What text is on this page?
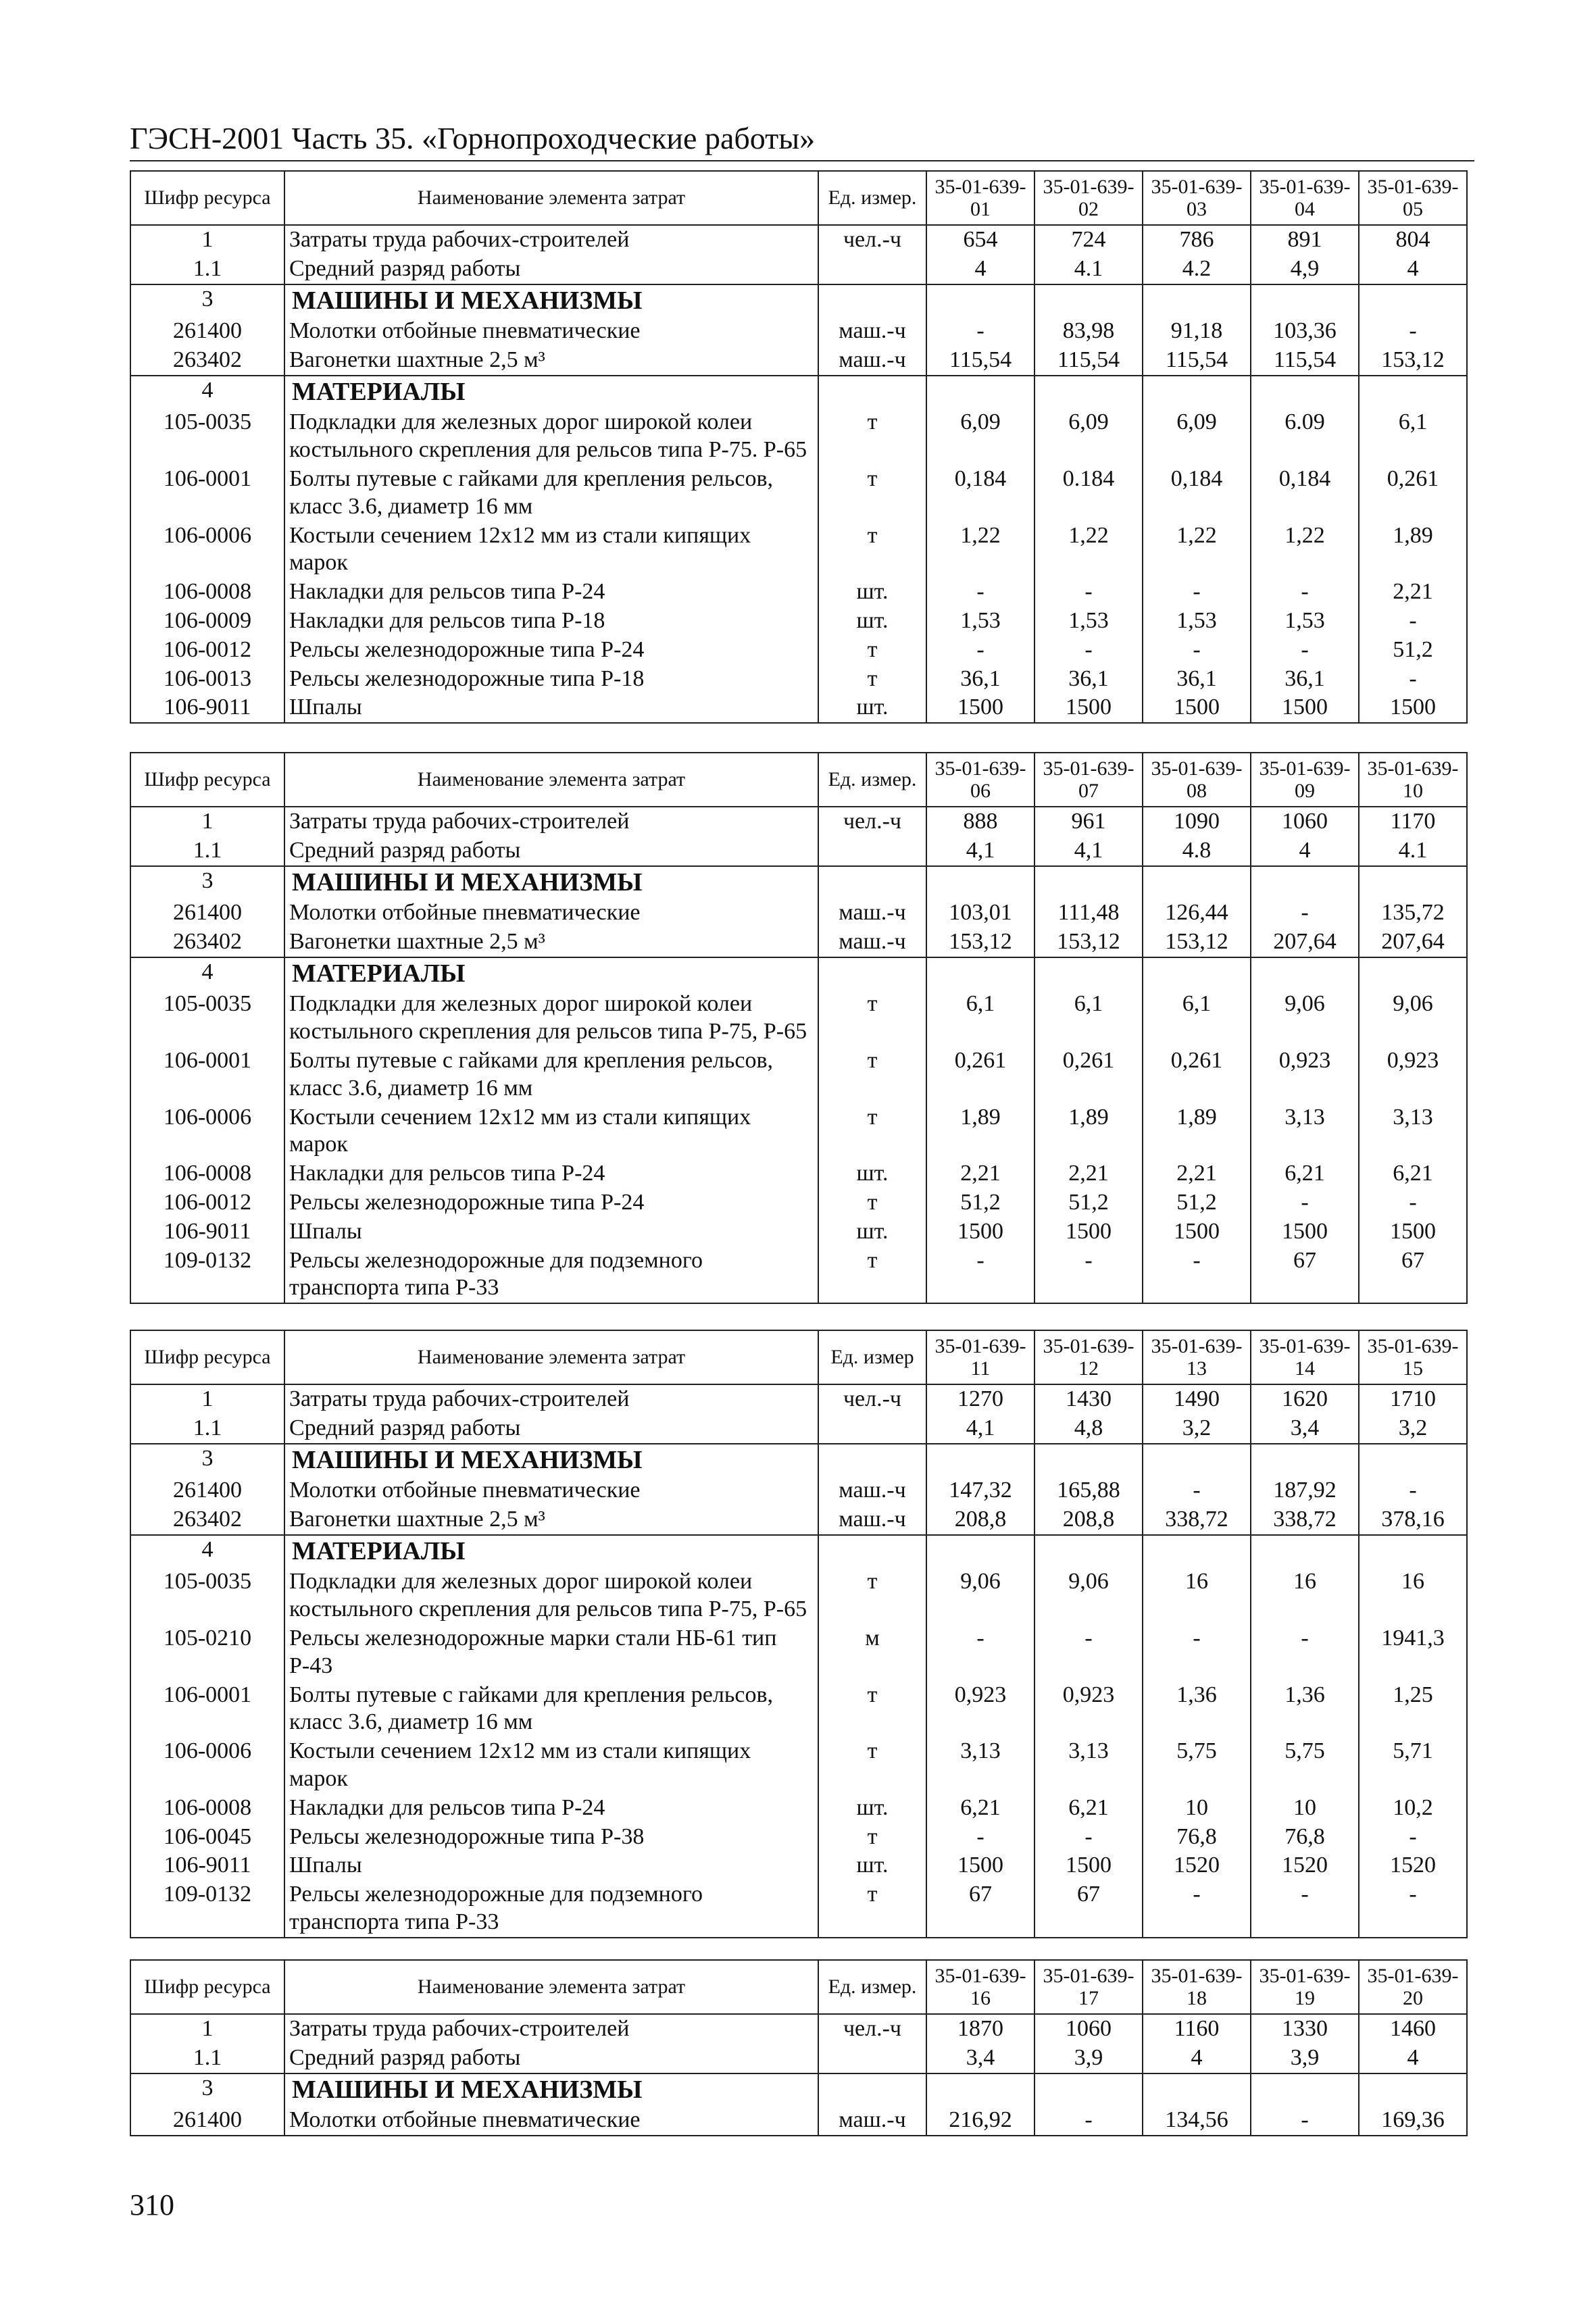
ГЭСН-2001 Часть 35. «Горнопроходческие работы»
Шифр ресурса	Наименование элемента затрат	Ед. измер.	35-01-639-01	35-01-639-02	35-01-639-03	35-01-639-04	35-01-639-05
1	Затраты труда рабочих-строителей	чел.-ч	654	724	786	891	804
1.1	Средний разряд работы		4	4.1	4.2	4,9	4
3	МАШИНЫ И МЕХАНИЗМЫ						
261400	Молотки отбойные пневматические	маш.-ч	-	83,98	91,18	103,36	-
263402	Вагонетки шахтные 2,5 м³	маш.-ч	115,54	115,54	115,54	115,54	153,12
4	МАТЕРИАЛЫ						
105-0035	Подкладки для железных дорог широкой колеи костыльного скрепления для рельсов типа Р-75. Р-65	т	6,09	6,09	6,09	6.09	6,1
106-0001	Болты путевые с гайками для крепления рельсов, класс 3.6, диаметр 16 мм	т	0,184	0.184	0,184	0,184	0,261
106-0006	Костыли сечением 12х12 мм из стали кипящих марок	т	1,22	1,22	1,22	1,22	1,89
106-0008	Накладки для рельсов типа Р-24	шт.	-	-	-	-	2,21
106-0009	Накладки для рельсов типа Р-18	шт.	1,53	1,53	1,53	1,53	-
106-0012	Рельсы железнодорожные типа Р-24	т	-	-	-	-	51,2
106-0013	Рельсы железнодорожные типа Р-18	т	36,1	36,1	36,1	36,1	-
106-9011	Шпалы	шт.	1500	1500	1500	1500	1500
Шифр ресурса	Наименование элемента затрат	Ед. измер.	35-01-639-06	35-01-639-07	35-01-639-08	35-01-639-09	35-01-639-10
1	Затраты труда рабочих-строителей	чел.-ч	888	961	1090	1060	1170
1.1	Средний разряд работы		4,1	4,1	4.8	4	4.1
3	МАШИНЫ И МЕХАНИЗМЫ						
261400	Молотки отбойные пневматические	маш.-ч	103,01	111,48	126,44	-	135,72
263402	Вагонетки шахтные 2,5 м³	маш.-ч	153,12	153,12	153,12	207,64	207,64
4	МАТЕРИАЛЫ						
105-0035	Подкладки для железных дорог широкой колеи костыльного скрепления для рельсов типа Р-75, Р-65	т	6,1	6,1	6,1	9,06	9,06
106-0001	Болты путевые с гайками для крепления рельсов, класс 3.6, диаметр 16 мм	т	0,261	0,261	0,261	0,923	0,923
106-0006	Костыли сечением 12х12 мм из стали кипящих марок	т	1,89	1,89	1,89	3,13	3,13
106-0008	Накладки для рельсов типа Р-24	шт.	2,21	2,21	2,21	6,21	6,21
106-0012	Рельсы железнодорожные типа Р-24	т	51,2	51,2	51,2	-	-
106-9011	Шпалы	шт.	1500	1500	1500	1500	1500
109-0132	Рельсы железнодорожные для подземного транспорта типа Р-33	т	-	-	-	67	67
Шифр ресурса	Наименование элемента затрат	Ед. измер	35-01-639-11	35-01-639-12	35-01-639-13	35-01-639-14	35-01-639-15
1	Затраты труда рабочих-строителей	чел.-ч	1270	1430	1490	1620	1710
1.1	Средний разряд работы		4,1	4,8	3,2	3,4	3,2
3	МАШИНЫ И МЕХАНИЗМЫ						
261400	Молотки отбойные пневматические	маш.-ч	147,32	165,88	-	187,92	-
263402	Вагонетки шахтные 2,5 м³	маш.-ч	208,8	208,8	338,72	338,72	378,16
4	МАТЕРИАЛЫ						
105-0035	Подкладки для железных дорог широкой колеи костыльного скрепления для рельсов типа Р-75, Р-65	т	9,06	9,06	16	16	16
105-0210	Рельсы железнодорожные марки стали НБ-61 тип Р-43	м	-	-	-	-	1941,3
106-0001	Болты путевые с гайками для крепления рельсов, класс 3.6, диаметр 16 мм	т	0,923	0,923	1,36	1,36	1,25
106-0006	Костыли сечением 12х12 мм из стали кипящих марок	т	3,13	3,13	5,75	5,75	5,71
106-0008	Накладки для рельсов типа Р-24	шт.	6,21	6,21	10	10	10,2
106-0045	Рельсы железнодорожные типа Р-38	т	-	-	76,8	76,8	-
106-9011	Шпалы	шт.	1500	1500	1520	1520	1520
109-0132	Рельсы железнодорожные для подземного транспорта типа Р-33	т	67	67	-	-	-
Шифр ресурса	Наименование элемента затрат	Ед. измер.	35-01-639-16	35-01-639-17	35-01-639-18	35-01-639-19	35-01-639-20
1	Затраты труда рабочих-строителей	чел.-ч	1870	1060	1160	1330	1460
1.1	Средний разряд работы		3,4	3,9	4	3,9	4
3	МАШИНЫ И МЕХАНИЗМЫ						
261400	Молотки отбойные пневматические	маш.-ч	216,92	-	134,56	-	169,36
310
